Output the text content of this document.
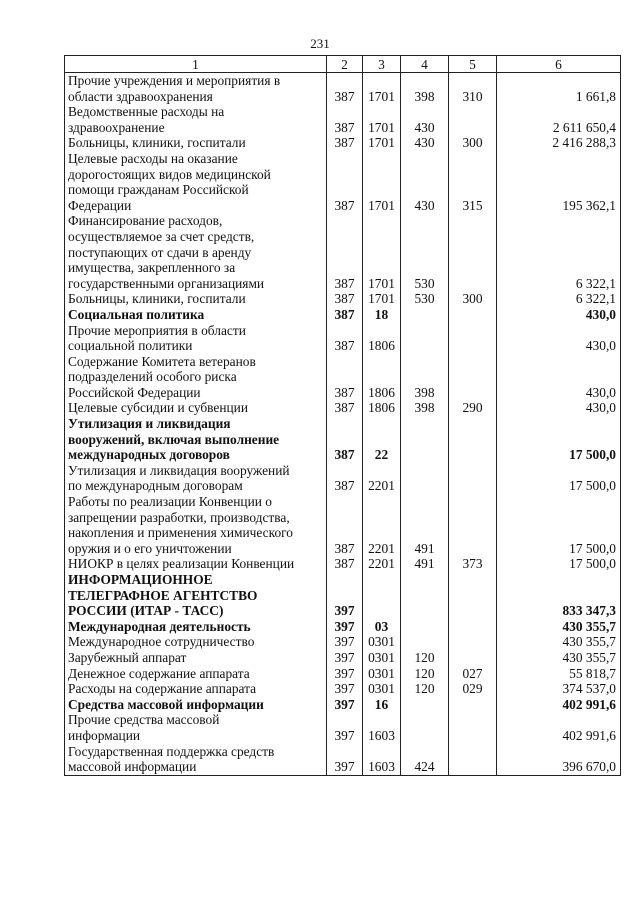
231
1	2	3	4	5	6
Прочие учреждения и мероприятия в
области здравоохранения	387	1701	398	310	1 661,8
Ведомственные расходы на
здравоохранение	387	1701	430		2 611 650,4
Больницы, клиники, госпитали	387	1701	430	300	2 416 288,3
Целевые расходы на оказание
дорогостоящих видов медицинской
помощи гражданам Российской
Федерации	387	1701	430	315	195 362,1
Финансирование расходов,
осуществляемое за счет средств,
поступающих от сдачи в аренду
имущества, закрепленного за
государственными организациями	387	1701	530		6 322,1
Больницы, клиники, госпитали	387	1701	530	300	6 322,1
Социальная политика	387	18			430,0
Прочие мероприятия в области
социальной политики	387	1806			430,0
Содержание Комитета ветеранов
подразделений особого риска
Российской Федерации	387	1806	398		430,0
Целевые субсидии и субвенции	387	1806	398	290	430,0
Утилизация и ликвидация
вооружений, включая выполнение
международных договоров	387	22			17 500,0
Утилизация и ликвидация вооружений
по международным договорам	387	2201			17 500,0
Работы по реализации Конвенции о
запрещении разработки, производства,
накопления и применения химического
оружия и о его уничтожении	387	2201	491		17 500,0
НИОКР в целях реализации Конвенции	387	2201	491	373	17 500,0
ИНФОРМАЦИОННОЕ
ТЕЛЕГРАФНОЕ АГЕНТСТВО
РОССИИ (ИТАР - ТАСС)	397				833 347,3
Международная деятельность	397	03			430 355,7
Международное сотрудничество	397	0301			430 355,7
Зарубежный аппарат	397	0301	120		430 355,7
Денежное содержание аппарата	397	0301	120	027	55 818,7
Расходы на содержание аппарата	397	0301	120	029	374 537,0
Средства массовой информации	397	16			402 991,6
Прочие средства массовой
информации	397	1603			402 991,6
Государственная поддержка средств
массовой информации	397	1603	424		396 670,0
